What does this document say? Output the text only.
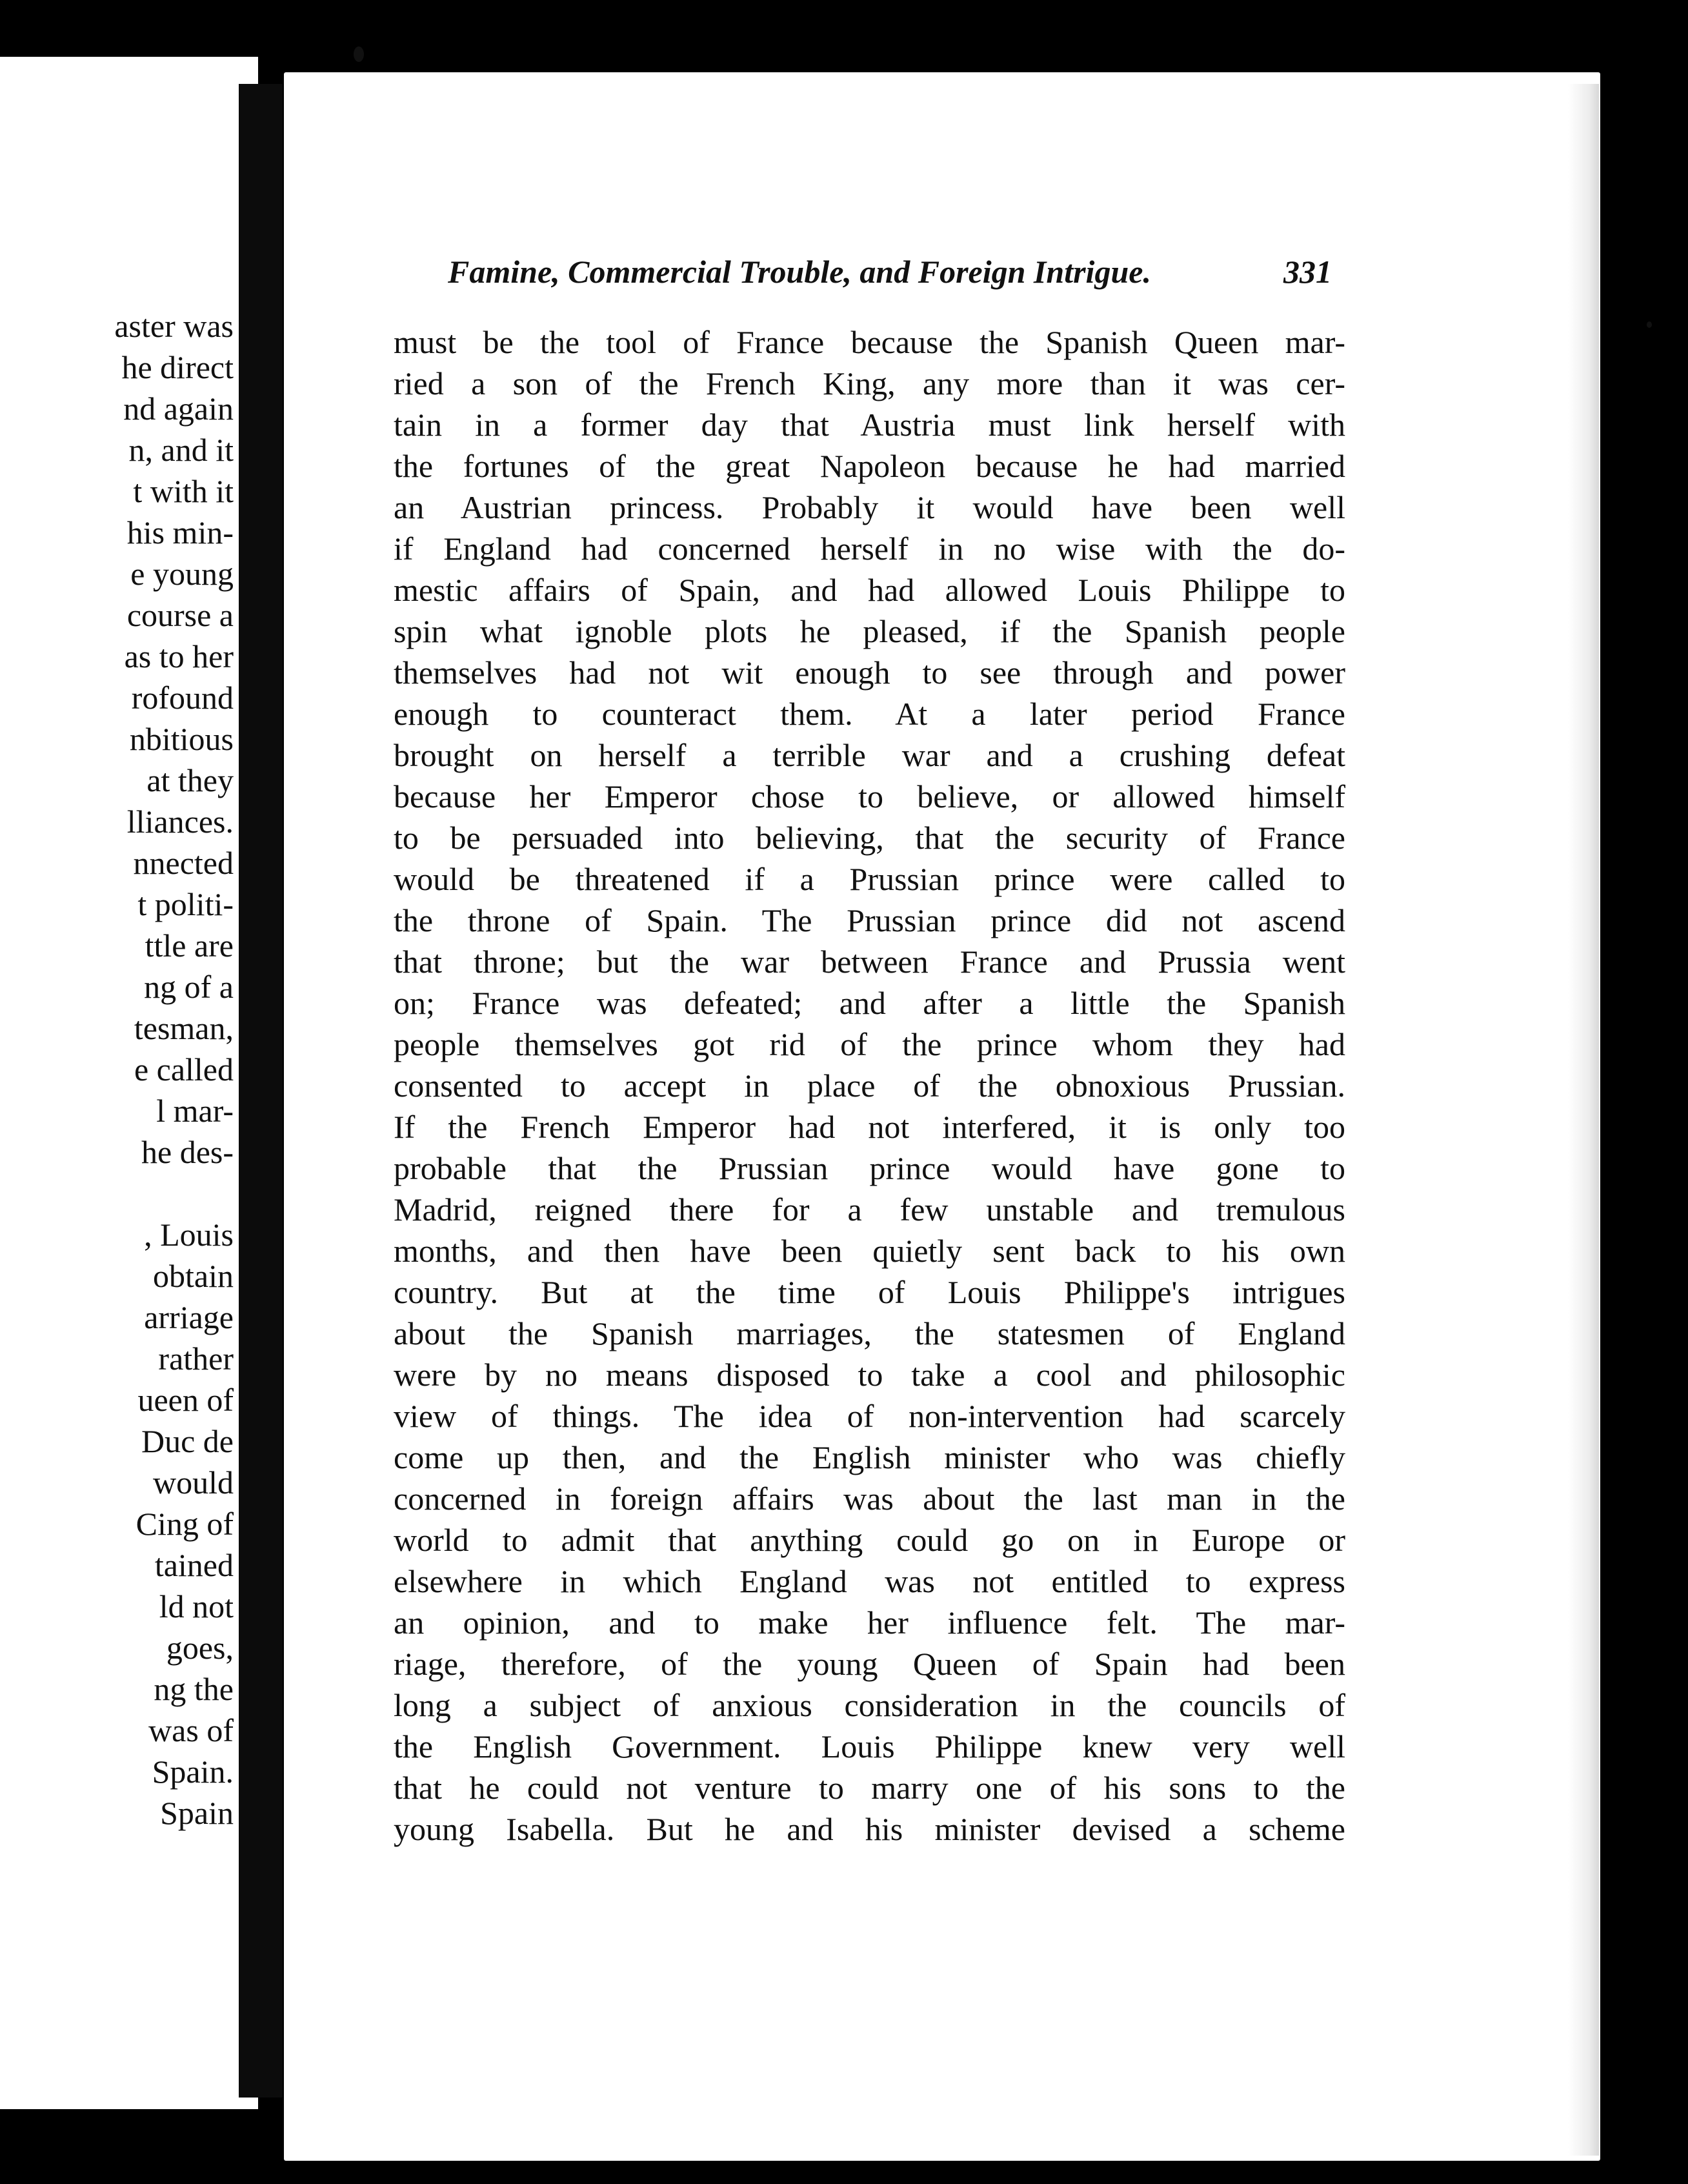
aster was
he direct
nd again
n, and it
t with it
his min-
e young
course a
as to her
rofound
nbitious
at they
lliances.
nnected
t politi-
ttle are
ng of a
tesman,
e called
l mar-
he des-
, Louis
obtain
arriage
rather
ueen of
Duc de
would
Cing of
tained
ld not
goes,
ng the
was of
Spain.
Spain
Famine, Commercial Trouble, and Foreign Intrigue.	331
must be the tool of France because the Spanish Queen mar-
ried a son of the French King, any more than it was cer-
tain in a former day that Austria must link herself with
the fortunes of the great Napoleon because he had married
an Austrian princess. Probably it would have been well
if England had concerned herself in no wise with the do-
mestic affairs of Spain, and had allowed Louis Philippe to
spin what ignoble plots he pleased, if the Spanish people
themselves had not wit enough to see through and power
enough to counteract them. At a later period France
brought on herself a terrible war and a crushing defeat
because her Emperor chose to believe, or allowed himself
to be persuaded into believing, that the security of France
would be threatened if a Prussian prince were called to
the throne of Spain. The Prussian prince did not ascend
that throne; but the war between France and Prussia went
on; France was defeated; and after a little the Spanish
people themselves got rid of the prince whom they had
consented to accept in place of the obnoxious Prussian.
If the French Emperor had not interfered, it is only too
probable that the Prussian prince would have gone to
Madrid, reigned there for a few unstable and tremulous
months, and then have been quietly sent back to his own
country. But at the time of Louis Philippe's intrigues
about the Spanish marriages, the statesmen of England
were by no means disposed to take a cool and philosophic
view of things. The idea of non-intervention had scarcely
come up then, and the English minister who was chiefly
concerned in foreign affairs was about the last man in the
world to admit that anything could go on in Europe or
elsewhere in which England was not entitled to express
an opinion, and to make her influence felt. The mar-
riage, therefore, of the young Queen of Spain had been
long a subject of anxious consideration in the councils of
the English Government. Louis Philippe knew very well
that he could not venture to marry one of his sons to the
young Isabella. But he and his minister devised a scheme
